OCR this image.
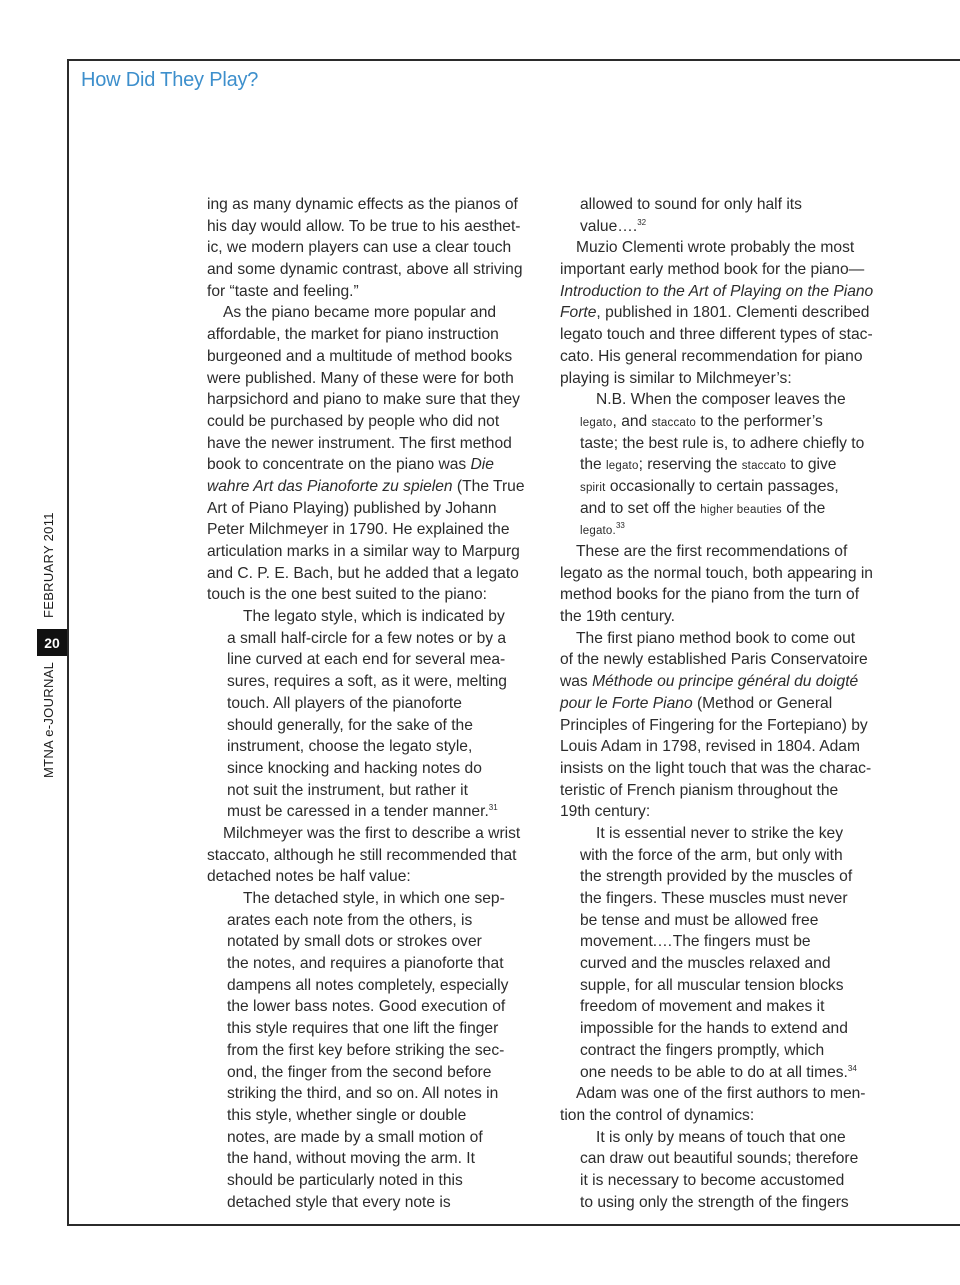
How Did They Play?
MTNA e-JOURNAL
20
FEBRUARY 2011
ing as many dynamic effects as the pianos of
his day would allow. To be true to his aesthet-
ic, we modern players can use a clear touch
and some dynamic contrast, above all striving
for “taste and feeling.”
As the piano became more popular and
affordable, the market for piano instruction
burgeoned and a multitude of method books
were published. Many of these were for both
harpsichord and piano to make sure that they
could be purchased by people who did not
have the newer instrument. The first method
book to concentrate on the piano was Die
wahre Art das Pianoforte zu spielen (The True
Art of Piano Playing) published by Johann
Peter Milchmeyer in 1790. He explained the
articulation marks in a similar way to Marpurg
and C. P. E. Bach, but he added that a legato
touch is the one best suited to the piano:
The legato style, which is indicated by
a small half-circle for a few notes or by a
line curved at each end for several mea-
sures, requires a soft, as it were, melting
touch. All players of the pianoforte
should generally, for the sake of the
instrument, choose the legato style,
since knocking and hacking notes do
not suit the instrument, but rather it
must be caressed in a tender manner.$^{31}$
Milchmeyer was the first to describe a wrist
staccato, although he still recommended that
detached notes be half value:
The detached style, in which one sep-
arates each note from the others, is
notated by small dots or strokes over
the notes, and requires a pianoforte that
dampens all notes completely, especially
the lower bass notes. Good execution of
this style requires that one lift the finger
from the first key before striking the sec-
ond, the finger from the second before
striking the third, and so on. All notes in
this style, whether single or double
notes, are made by a small motion of
the hand, without moving the arm. It
should be particularly noted in this
detached style that every note is
allowed to sound for only half its
value….$^{32}$
Muzio Clementi wrote probably the most
important early method book for the piano—
Introduction to the Art of Playing on the Piano
Forte, published in 1801. Clementi described
legato touch and three different types of stac-
cato. His general recommendation for piano
playing is similar to Milchmeyer’s:
N.B. When the composer leaves the
legato, and staccato to the performer’s
taste; the best rule is, to adhere chiefly to
the legato; reserving the staccato to give
spirit occasionally to certain passages,
and to set off the higher beauties of the
legato.$^{33}$
These are the first recommendations of
legato as the normal touch, both appearing in
method books for the piano from the turn of
the 19th century.
The first piano method book to come out
of the newly established Paris Conservatoire
was Méthode ou principe général du doigté
pour le Forte Piano (Method or General
Principles of Fingering for the Fortepiano) by
Louis Adam in 1798, revised in 1804. Adam
insists on the light touch that was the charac-
teristic of French pianism throughout the
19th century:
It is essential never to strike the key
with the force of the arm, but only with
the strength provided by the muscles of
the fingers. These muscles must never
be tense and must be allowed free
movement.…The fingers must be
curved and the muscles relaxed and
supple, for all muscular tension blocks
freedom of movement and makes it
impossible for the hands to extend and
contract the fingers promptly, which
one needs to be able to do at all times.$^{34}$
Adam was one of the first authors to men-
tion the control of dynamics:
It is only by means of touch that one
can draw out beautiful sounds; therefore
it is necessary to become accustomed
to using only the strength of the fingers
